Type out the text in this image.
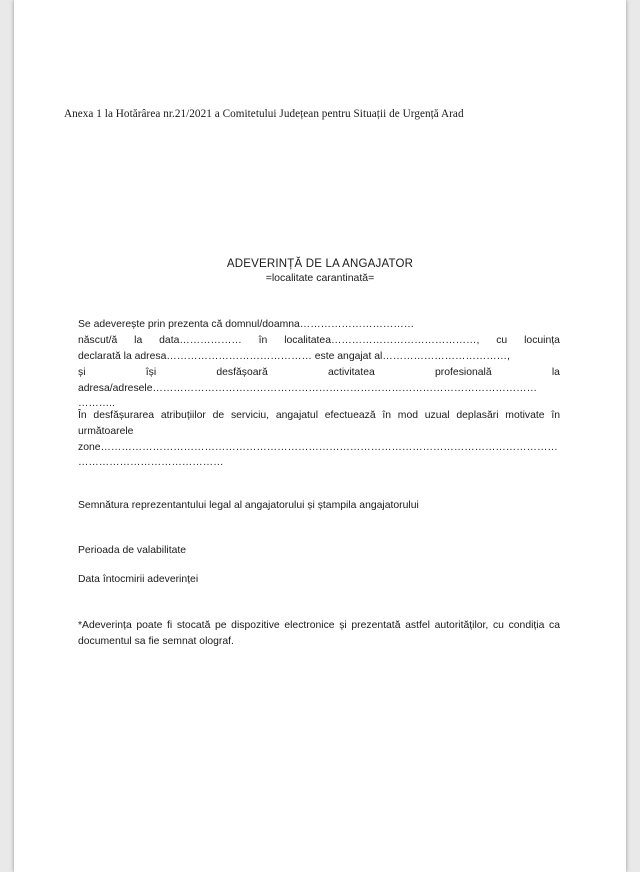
Anexa 1 la Hotărârea nr.21/2021 a Comitetului Județean pentru Situații de Urgență Arad
ADEVERINȚĂ DE LA ANGAJATOR
=localitate carantinată=
Se adeverește prin prezenta că domnul/doamna……………………………
născut/ă la data……………… în localitatea……………………………………, cu locuința
declarată la adresa…………………………………… este angajat al………………………………,
și	își	desfășoară	activitatea	profesională	la
adresa/adresele…………………………………………………………………………………………………
………..
În desfășurarea atribuțiilor de serviciu, angajatul efectuează în mod uzual deplasări motivate în următoarele
zone……………………………………………………………………………………………………………………
……………………………………
Semnătura reprezentantului legal al angajatorului și ștampila angajatorului
Perioada de valabilitate
Data întocmirii adeverinței
*Adeverința poate fi stocată pe dispozitive electronice și prezentată astfel autorităților, cu condiția ca documentul sa fie semnat olograf.
